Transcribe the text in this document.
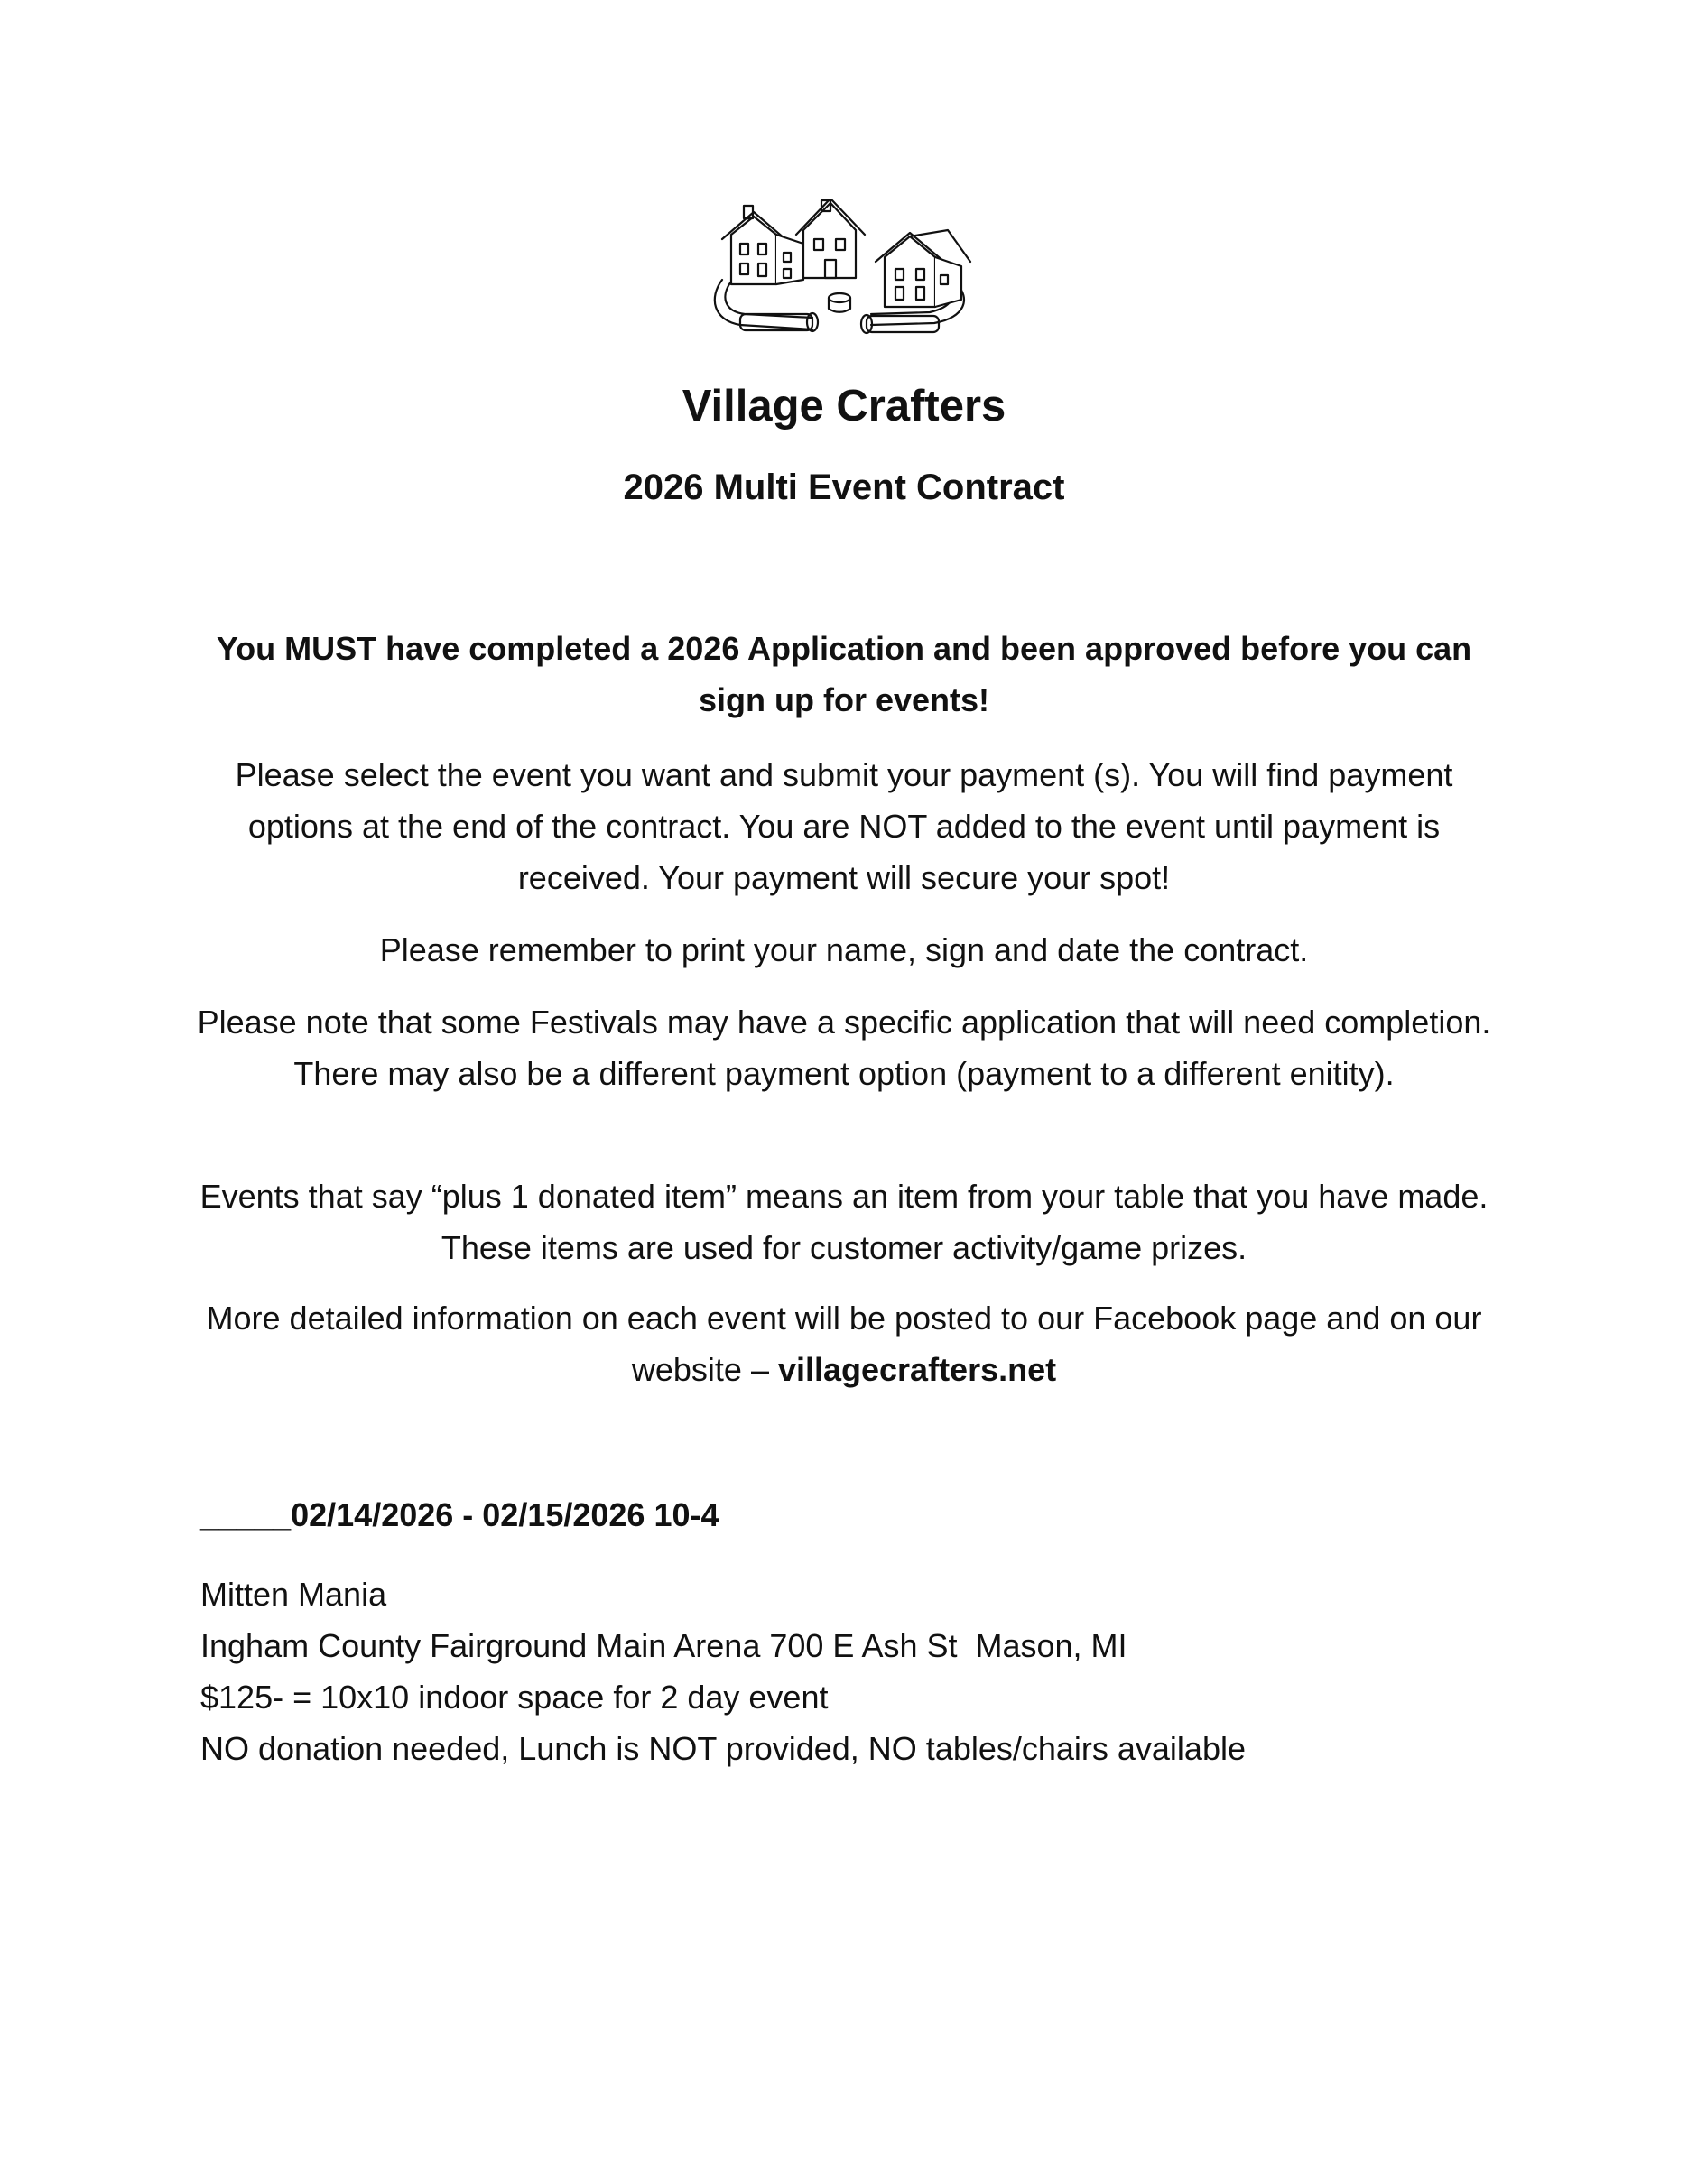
Village Crafters
2026 Multi Event Contract
You MUST have completed a 2026 Application and been approved before you can sign up for events!
Please select the event you want and submit your payment (s). You will find payment options at the end of the contract. You are NOT added to the event until payment is received. Your payment will secure your spot!
Please remember to print your name, sign and date the contract.
Please note that some Festivals may have a specific application that will need completion. There may also be a different payment option (payment to a different enitity).
Events that say “plus 1 donated item” means an item from your table that you have made. These items are used for customer activity/game prizes.
More detailed information on each event will be posted to our Facebook page and on our website – villagecrafters.net
_____02/14/2026 - 02/15/2026 10-4
Mitten Mania
Ingham County Fairground Main Arena 700 E Ash St  Mason, MI
$125- = 10x10 indoor space for 2 day event
NO donation needed, Lunch is NOT provided, NO tables/chairs available
